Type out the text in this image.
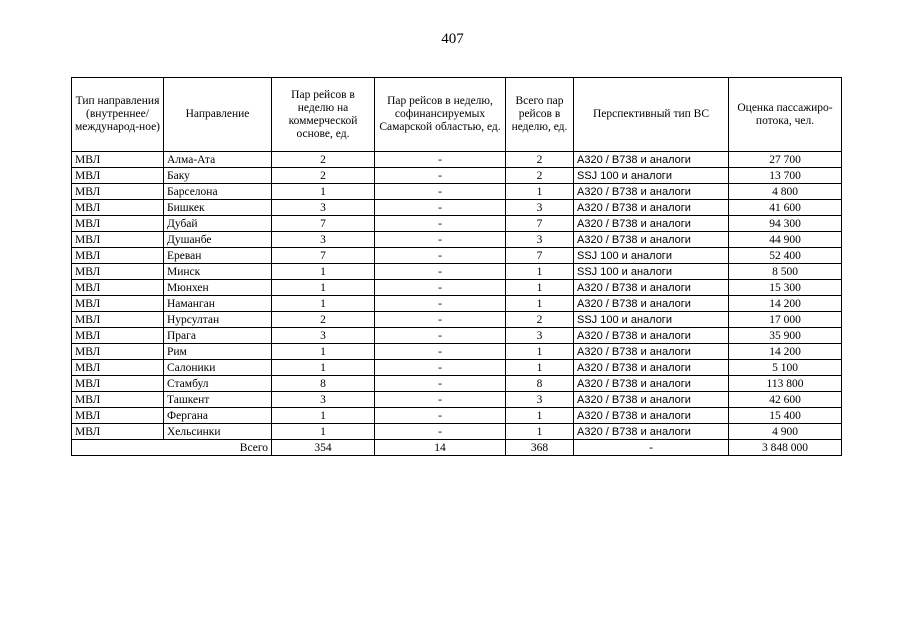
407
Тип направления (внутреннее/ международ-ное)	Направление	Пар рейсов в неделю на коммерческой основе, ед.	Пар рейсов в неделю, софинансируемых Самарской областью, ед.	Всего пар рейсов в неделю, ед.	Перспективный тип ВС	Оценка пассажиро-потока, чел.
МВЛ	Алма-Ата	2	-	2	A320 / B738 и аналоги	27 700
МВЛ	Баку	2	-	2	SSJ 100 и аналоги	13 700
МВЛ	Барселона	1	-	1	A320 / B738 и аналоги	4 800
МВЛ	Бишкек	3	-	3	A320 / B738 и аналоги	41 600
МВЛ	Дубай	7	-	7	A320 / B738 и аналоги	94 300
МВЛ	Душанбе	3	-	3	A320 / B738 и аналоги	44 900
МВЛ	Ереван	7	-	7	SSJ 100 и аналоги	52 400
МВЛ	Минск	1	-	1	SSJ 100 и аналоги	8 500
МВЛ	Мюнхен	1	-	1	A320 / B738 и аналоги	15 300
МВЛ	Наманган	1	-	1	A320 / B738 и аналоги	14 200
МВЛ	Нурсултан	2	-	2	SSJ 100 и аналоги	17 000
МВЛ	Прага	3	-	3	A320 / B738 и аналоги	35 900
МВЛ	Рим	1	-	1	A320 / B738 и аналоги	14 200
МВЛ	Салоники	1	-	1	A320 / B738 и аналоги	5 100
МВЛ	Стамбул	8	-	8	A320 / B738 и аналоги	113 800
МВЛ	Ташкент	3	-	3	A320 / B738 и аналоги	42 600
МВЛ	Фергана	1	-	1	A320 / B738 и аналоги	15 400
МВЛ	Хельсинки	1	-	1	A320 / B738 и аналоги	4 900
Всего		354	14	368	-	3 848 000
